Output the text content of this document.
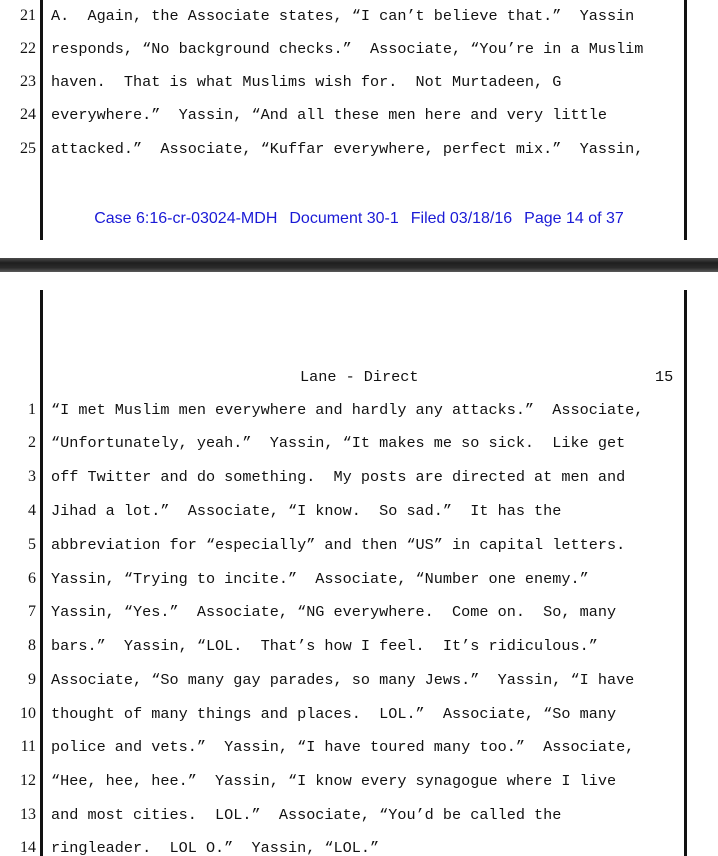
21 A.  Again, the Associate states, “I can’t believe that.”  Yassin
22 responds, “No background checks.”  Associate, “You’re in a Muslim
23 haven.  That is what Muslims wish for.  Not Murtadeen, G
24 everywhere.”  Yassin, “And all these men here and very little
25 attacked.”  Associate, “Kuffar everywhere, perfect mix.”  Yassin,
Case 6:16-cr-03024-MDH Document 30-1 Filed 03/18/16 Page 14 of 37
Lane - Direct	15
1 “I met Muslim men everywhere and hardly any attacks.”  Associate,
2 “Unfortunately, yeah.”  Yassin, “It makes me so sick.  Like get
3 off Twitter and do something.  My posts are directed at men and
4 Jihad a lot.”  Associate, “I know.  So sad.”  It has the
5 abbreviation for “especially” and then “US” in capital letters.
6 Yassin, “Trying to incite.”  Associate, “Number one enemy.”
7 Yassin, “Yes.”  Associate, “NG everywhere.  Come on.  So, many
8 bars.”  Yassin, “LOL.  That’s how I feel.  It’s ridiculous.”
9 Associate, “So many gay parades, so many Jews.”  Yassin, “I have
10 thought of many things and places.  LOL.”  Associate, “So many
11 police and vets.”  Yassin, “I have toured many too.”  Associate,
12 “Hee, hee, hee.”  Yassin, “I know every synagogue where I live
13 and most cities.  LOL.”  Associate, “You’d be called the
14 ringleader.  LOL O.”  Yassin, “LOL.”
